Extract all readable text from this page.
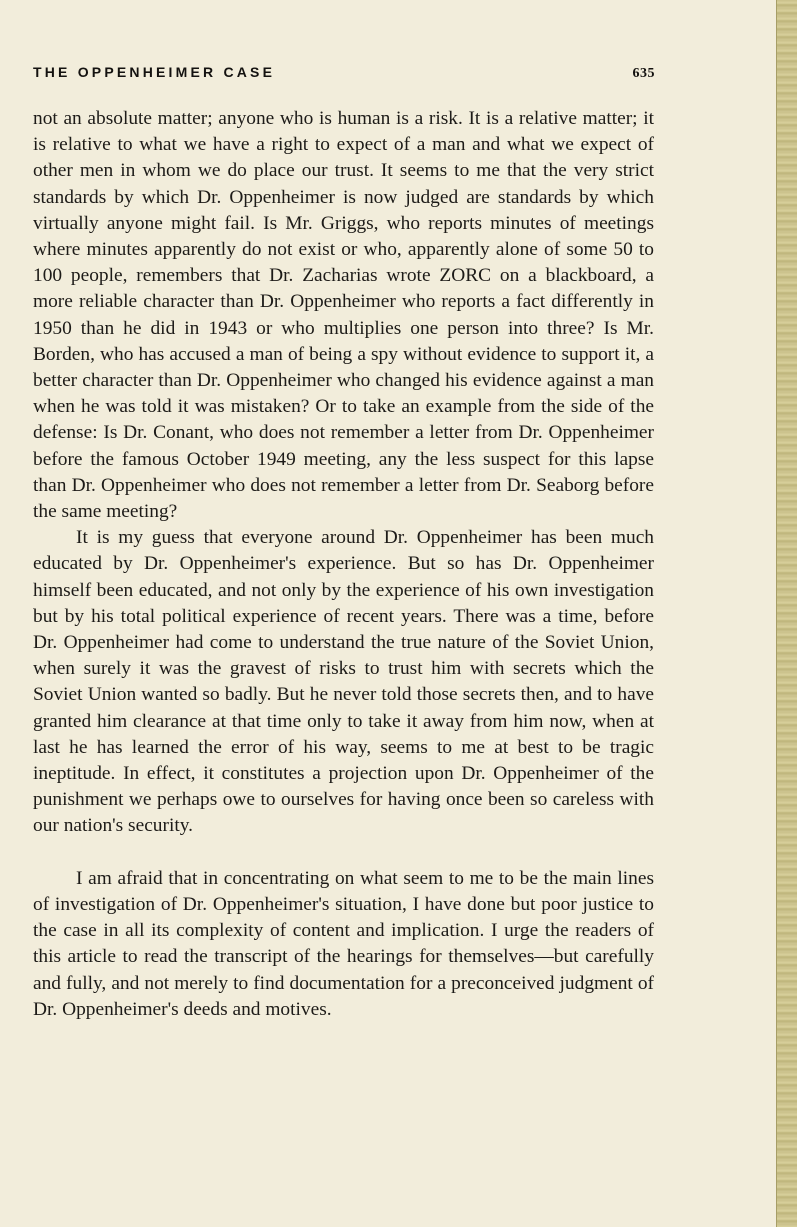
THE OPPENHEIMER CASE	635

not an absolute matter; anyone who is human is a risk. It is a relative matter; it is relative to what we have a right to expect of a man and what we expect of other men in whom we do place our trust. It seems to me that the very strict standards by which Dr. Oppenheimer is now judged are standards by which virtually anyone might fail. Is Mr. Griggs, who reports minutes of meetings where minutes apparently do not exist or who, apparently alone of some 50 to 100 people, remembers that Dr. Zacharias wrote ZORC on a blackboard, a more reliable character than Dr. Oppenheimer who reports a fact differently in 1950 than he did in 1943 or who multiplies one person into three? Is Mr. Borden, who has accused a man of being a spy without evidence to support it, a better character than Dr. Oppenheimer who changed his evidence against a man when he was told it was mistaken? Or to take an example from the side of the defense: Is Dr. Conant, who does not remember a letter from Dr. Oppenheimer before the famous October 1949 meeting, any the less suspect for this lapse than Dr. Oppenheimer who does not remember a letter from Dr. Seaborg before the same meeting?

It is my guess that everyone around Dr. Oppenheimer has been much educated by Dr. Oppenheimer's experience. But so has Dr. Oppenheimer himself been educated, and not only by the experience of his own investigation but by his total political experience of recent years. There was a time, before Dr. Oppenheimer had come to understand the true nature of the Soviet Union, when surely it was the gravest of risks to trust him with secrets which the Soviet Union wanted so badly. But he never told those secrets then, and to have granted him clearance at that time only to take it away from him now, when at last he has learned the error of his way, seems to me at best to be tragic ineptitude. In effect, it constitutes a projection upon Dr. Oppenheimer of the punishment we perhaps owe to ourselves for having once been so careless with our nation's security.

I am afraid that in concentrating on what seem to me to be the main lines of investigation of Dr. Oppenheimer's situation, I have done but poor justice to the case in all its complexity of content and implication. I urge the readers of this article to read the transcript of the hearings for themselves—but carefully and fully, and not merely to find documentation for a preconceived judgment of Dr. Oppenheimer's deeds and motives.
